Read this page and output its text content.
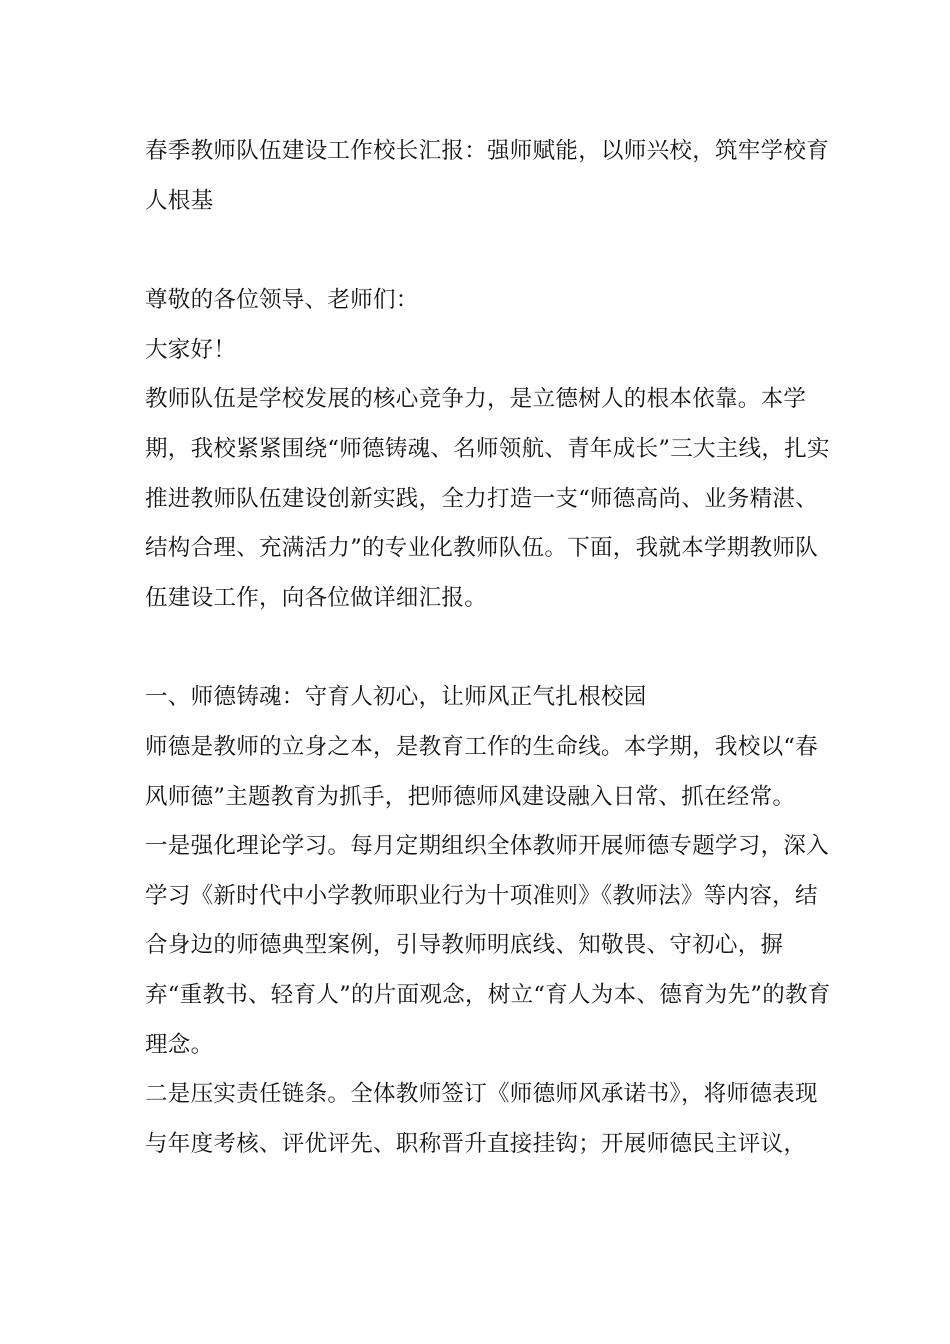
春季教师队伍建设工作校长汇报：强师赋能，以师兴校，筑牢学校育人根基

尊敬的各位领导、老师们：

大家好！

教师队伍是学校发展的核心竞争力，是立德树人的根本依靠。本学期，我校紧紧围绕“师德铸魂、名师领航、青年成长”三大主线，扎实推进教师队伍建设创新实践，全力打造一支“师德高尚、业务精湛、结构合理、充满活力”的专业化教师队伍。下面，我就本学期教师队伍建设工作，向各位做详细汇报。

一、师德铸魂：守育人初心，让师风正气扎根校园

师德是教师的立身之本，是教育工作的生命线。本学期，我校以“春风师德”主题教育为抓手，把师德师风建设融入日常、抓在经常。

一是强化理论学习。每月定期组织全体教师开展师德专题学习，深入学习《新时代中小学教师职业行为十项准则》《教师法》等内容，结合身边的师德典型案例，引导教师明底线、知敬畏、守初心，摒弃“重教书、轻育人”的片面观念，树立“育人为本、德育为先”的教育理念。

二是压实责任链条。全体教师签订《师德师风承诺书》，将师德表现与年度考核、评优评先、职称晋升直接挂钩；开展师德民主评议，
